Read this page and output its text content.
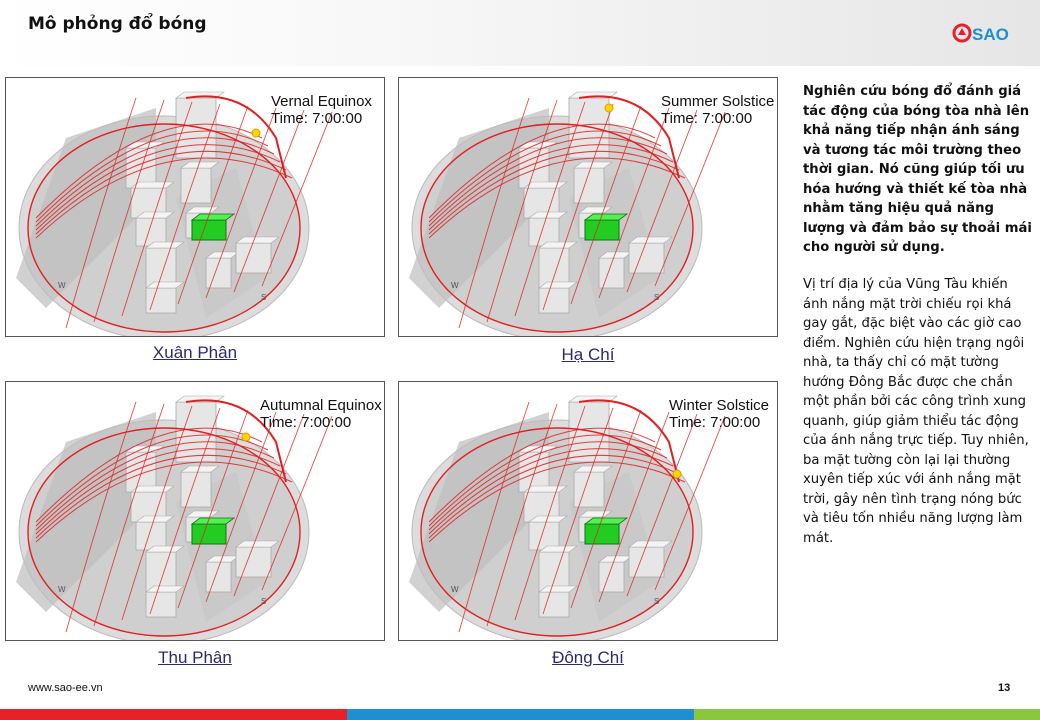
Mô phỏng đổ bóng
SAO
W
S
Vernal Equinox
Time: 7:00:00
Xuân Phân
W
S
Summer Solstice
Time: 7:00:00
Hạ Chí
W
S
Autumnal Equinox
Time: 7:00:00
Thu Phân
W
S
Winter Solstice
Time: 7:00:00
Đông Chí
Nghiên cứu bóng đổ đánh giá tác động của bóng tòa nhà lên khả năng tiếp nhận ánh sáng và tương tác môi trường theo thời gian. Nó cũng giúp tối ưu hóa hướng và thiết kế tòa nhà nhằm tăng hiệu quả năng lượng và đảm bảo sự thoải mái cho người sử dụng.
Vị trí địa lý của Vũng Tàu khiến ánh nắng mặt trời chiếu rọi khá gay gắt, đặc biệt vào các giờ cao điểm. Nghiên cứu hiện trạng ngôi nhà, ta thấy chỉ có mặt tường hướng Đông Bắc được che chắn một phần bởi các công trình xung quanh, giúp giảm thiểu tác động của ánh nắng trực tiếp. Tuy nhiên, ba mặt tường còn lại lại thường xuyên tiếp xúc với ánh nắng mặt trời, gây nên tình trạng nóng bức và tiêu tốn nhiều năng lượng làm mát.
www.sao-ee.vn	13
